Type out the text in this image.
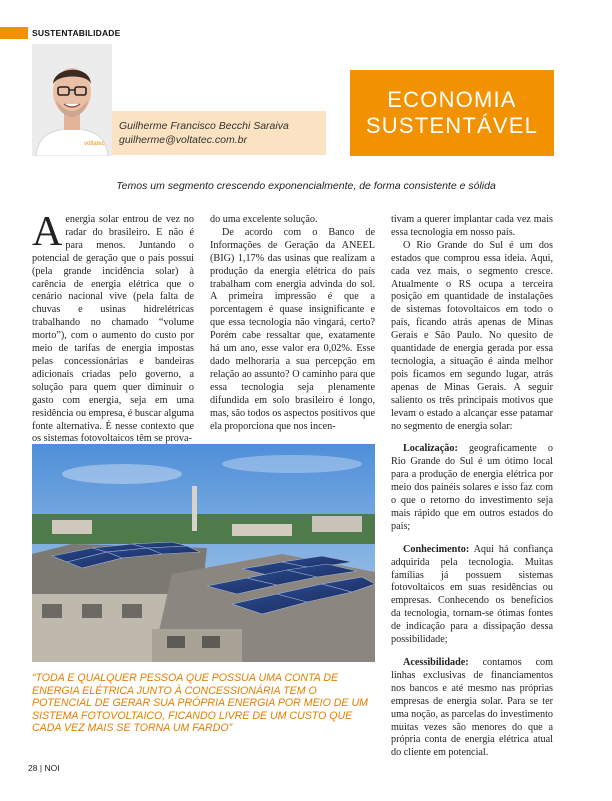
SUSTENTABILIDADE
voltatec
Guilherme Francisco Becchi Saraiva
guilherme@voltatec.com.br
ECONOMIA
SUSTENTÁVEL
Temos um segmento crescendo exponencialmente, de forma consistente e sólida

Aenergia solar entrou de vez no radar do brasileiro. E não é para menos. Juntando o potencial de geração que o país possui (pela grande incidência solar) à carência de energia elétrica que o cenário nacional vive (pela falta de chuvas e usinas hidrelétricas trabalhando no chamado “volume morto”), com o aumento do custo por meio de tarifas de energia impostas pelas concessionárias e bandeiras adicionais criadas pelo governo, a solução para quem quer diminuir o gasto com energia, seja em uma residência ou empresa, é buscar alguma fonte alternativa. É nesse contexto que os sistemas fotovoltaicos têm se prova-

do uma excelente solução.

De acordo com o Banco de Informações de Geração da ANEEL (BIG) 1,17% das usinas que realizam a produção da energia elétrica do país trabalham com energia advinda do sol. A primeira impressão é que a porcentagem é quase insignificante e que essa tecnologia não vingará, certo? Porém cabe ressaltar que, exatamente há um ano, esse valor era 0,02%. Esse dado melhoraria a sua percepção em relação ao assunto? O caminho para que essa tecnologia seja plenamente difundida em solo brasileiro é longo, mas, são todos os aspectos positivos que ela proporciona que nos incen-

tivam a querer implantar cada vez mais essa tecnologia em nosso país.

O Rio Grande do Sul é um dos estados que comprou essa ideia. Aqui, cada vez mais, o segmento cresce. Atualmente o RS ocupa a terceira posição em quantidade de instalações de sistemas fotovoltaicos em todo o país, ficando atrás apenas de Minas Gerais e São Paulo. No quesito de quantidade de energia gerada por essa tecnologia, a situação é ainda melhor pois ficamos em segundo lugar, atrás apenas de Minas Gerais. A seguir saliento os três principais motivos que levam o estado a alcançar esse patamar no segmento de energia solar:

Localização: geograficamente o Rio Grande do Sul é um ótimo local para a produção de energia elétrica por meio dos painéis solares e isso faz com o que o retorno do investimento seja mais rápido que em outros estados do país;

Conhecimento: Aqui há confiança adquirida pela tecnologia. Muitas famílias já possuem sistemas fotovoltaicos em suas residências ou empresas. Conhecendo os benefícios da tecnologia, tornam-se ótimas fontes de indicação para a dissipação dessa possibilidade;

Acessibilidade: contamos com linhas exclusivas de financiamentos nos bancos e até mesmo nas próprias empresas de energia solar. Para se ter uma noção, as parcelas do investimento muitas vezes são menores do que a própria conta de energia elétrica atual do cliente em potencial.

“TODA E QUALQUER PESSOA QUE POSSUA UMA CONTA DE ENERGIA ELÉTRICA JUNTO À CONCESSIONÁRIA TEM O POTENCIAL DE GERAR SUA PRÓPRIA ENERGIA POR MEIO DE UM SISTEMA FOTOVOLTAICO, FICANDO LIVRE DE UM CUSTO QUE CADA VEZ MAIS SE TORNA UM FARDO”
28 | NOI
